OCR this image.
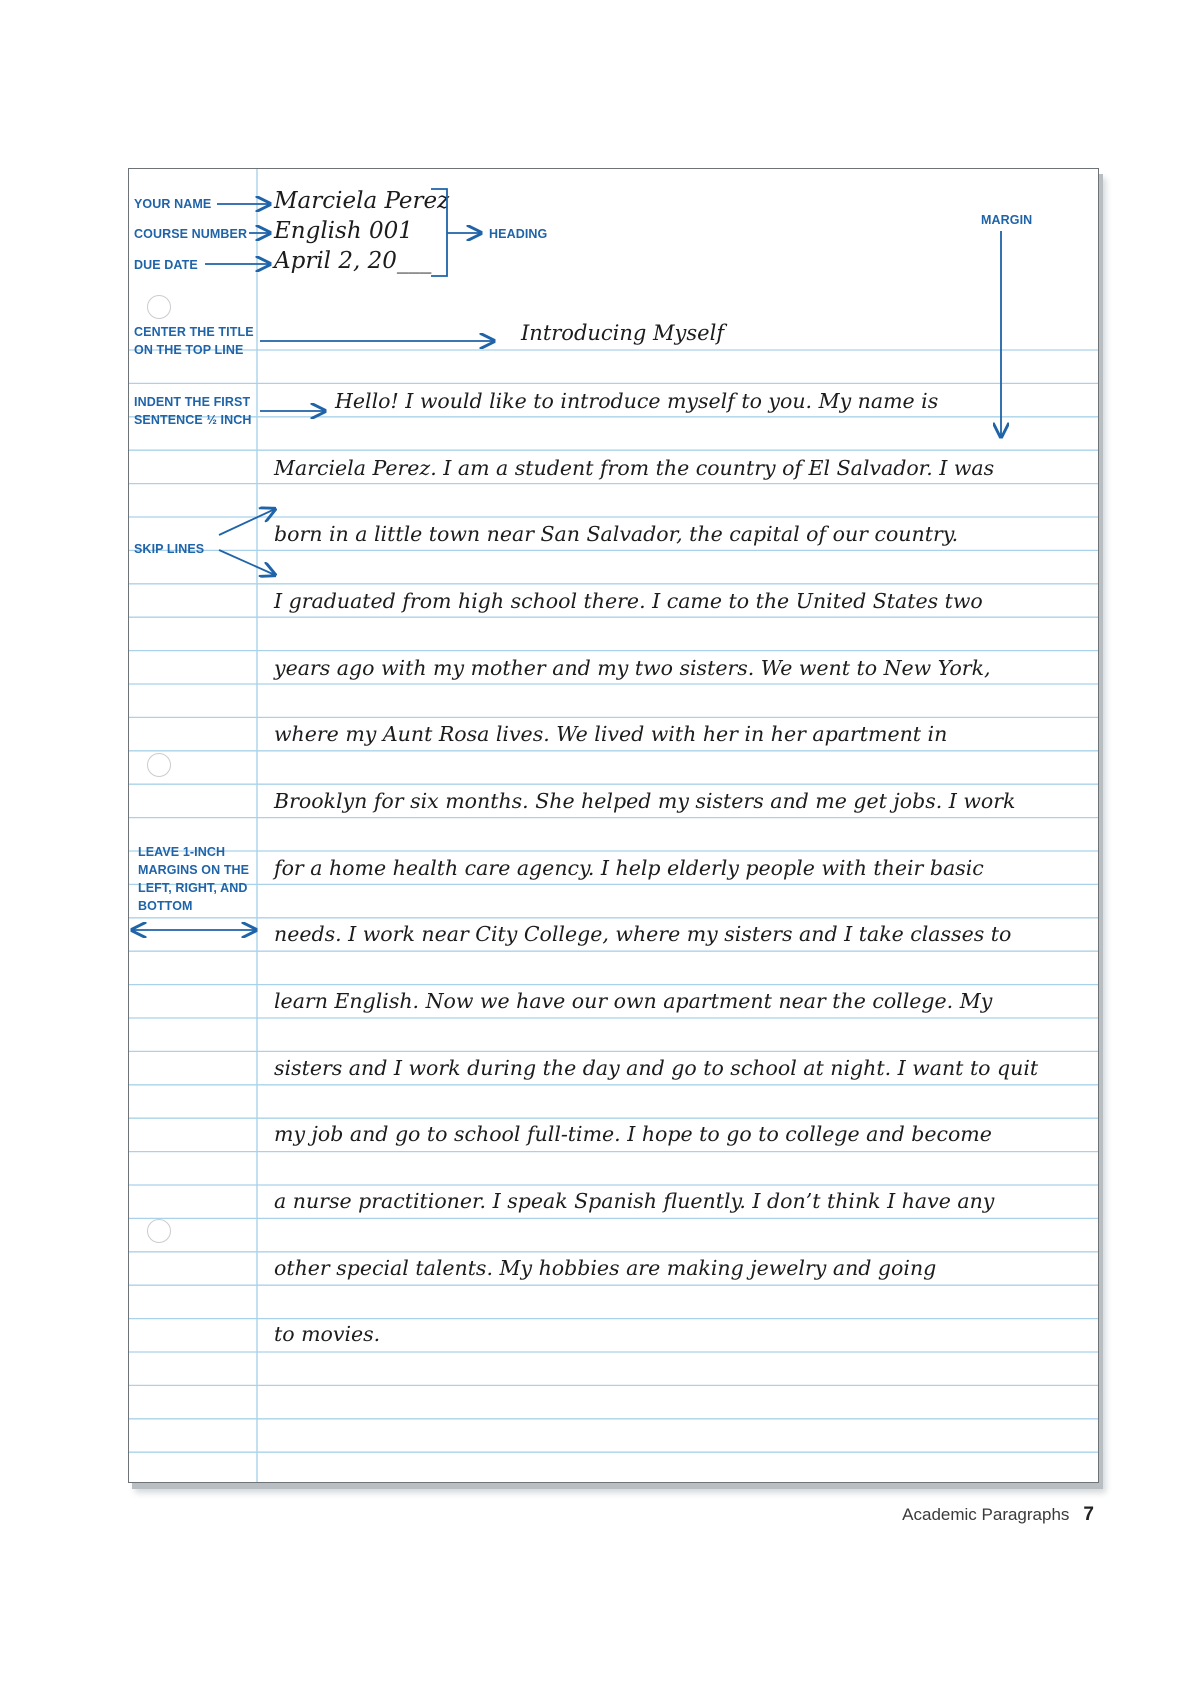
YOUR NAME
COURSE NUMBER
DUE DATE
HEADING
MARGIN
CENTER THE TITLE
ON THE TOP LINE
INDENT THE FIRST
SENTENCE ½ INCH
SKIP LINES
LEAVE 1-INCH
MARGINS ON THE
LEFT, RIGHT, AND
BOTTOM
Marciela Perez
English 001
April 2, 20___
Introducing Myself
Hello! I would like to introduce myself to you. My name is
Marciela Perez. I am a student from the country of El Salvador. I was
born in a little town near San Salvador, the capital of our country.
I graduated from high school there. I came to the United States two
years ago with my mother and my two sisters. We went to New York,
where my Aunt Rosa lives. We lived with her in her apartment in
Brooklyn for six months. She helped my sisters and me get jobs. I work
for a home health care agency. I help elderly people with their basic
needs. I work near City College, where my sisters and I take classes to
learn English. Now we have our own apartment near the college. My
sisters and I work during the day and go to school at night. I want to quit
my job and go to school full-time. I hope to go to college and become
a nurse practitioner. I speak Spanish fluently. I don’t think I have any
other special talents. My hobbies are making jewelry and going
to movies.
Academic Paragraphs 7
